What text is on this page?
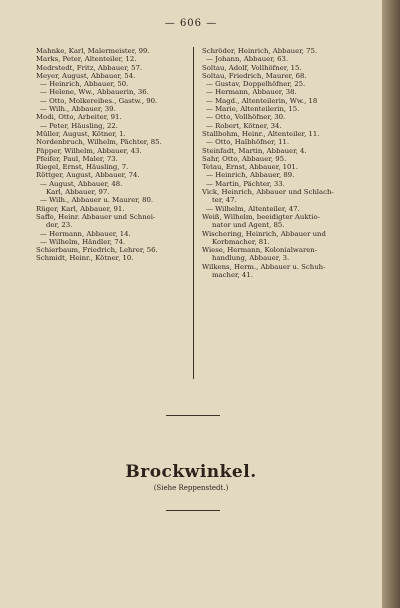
— 606 —
Mahnke, Karl, Malermeister, 99.
Marks, Peter, Altenteiler, 12.
Medrstedt, Fritz, Abbauer, 57.
Meyer, August, Abbauer, 54.
— Heinrich, Abbauer, 50.
— Helene, Ww., Abbauerin, 36.
— Otto, Molkereibes., Gastw., 90.
— Wilh., Abbauer, 39.
Modi, Otto, Arbeiter, 91.
— Peter, Häusling, 22.
Müller, August, Kötner, 1.
Nordenbruch, Wilhelm, Pächter, 85.
Päpper, Wilhelm, Abbauer, 43.
Pfeifer, Paul, Maler, 73.
Riegel, Ernst, Häusling, 7.
Röttger, August, Abbauer, 74.
— August, Abbauer, 48.
Karl, Abbauer, 97.
— Wilh., Abbauer u. Maurer, 80.
Rüger, Karl, Abbauer, 91.
Saffe, Heinr. Abbauer und Schnei-
der, 23.
— Hermann, Abbauer, 14.
— Wilhelm, Händler, 74.
Schierbaum, Friedrich, Lehrer, 56.
Schmidt, Heinr., Kötner, 10.
Schröder, Heinrich, Abbauer, 75.
— Johann, Abbauer, 63.
Soltau, Adolf, Vollhöfner, 15.
Soltau, Friedrich, Maurer, 68.
— Gustav, Doppelhöfner, 25.
— Hermann, Abbauer, 38.
— Magd., Altenteilerin, Ww., 18
— Marie, Altenteilerin, 15.
— Otto, Vollhöfner, 30.
— Robert, Kötner, 34.
Stallbohm, Heinr., Altenteiler, 11.
— Otto, Halbhöfner, 11.
Steinfadt, Martin, Abbauer, 4.
Sahr, Otto, Abbauer, 95.
Tetau, Ernst, Abbauer, 101.
— Heinrich, Abbauer, 89.
— Martin, Pächter, 33.
Vick, Heinrich, Abbauer und Schlach-
ter, 47.
— Wilhelm, Altenteiler, 47.
Weiß, Wilhelm, beeidigter Auktio-
nator und Agent, 85.
Wischering, Heinrich, Abbauer und
Korbmacher, 81.
Wiese, Hermann, Kolonialwaren-
handlung, Abbauer, 3.
Wilkens, Herm., Abbauer u. Schuh-
macher, 41.
Brockwinkel.
(Siehe Reppenstedt.)
